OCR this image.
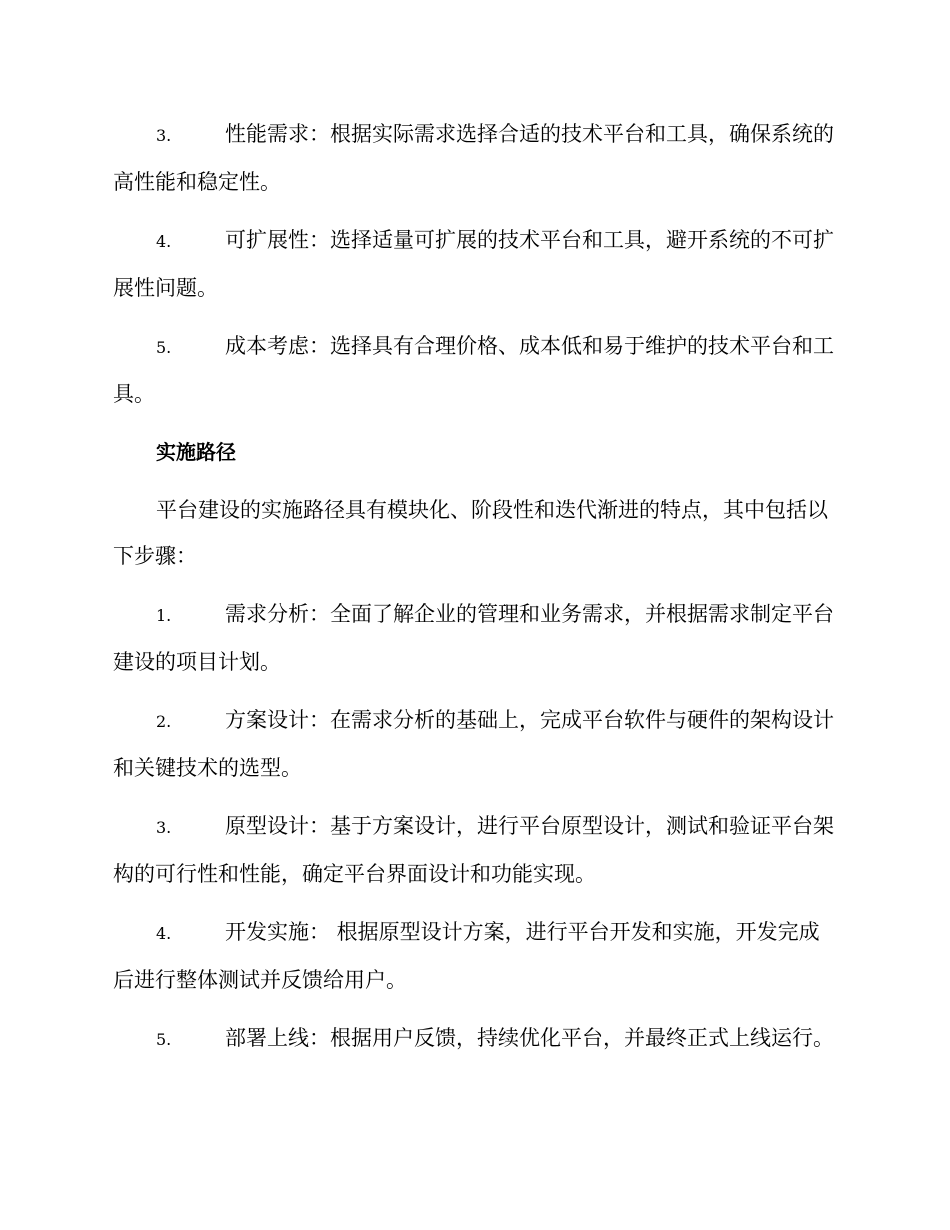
3.	性能需求：根据实际需求选择合适的技术平台和工具，确保系统的高性能和稳定性。
4.	可扩展性：选择适量可扩展的技术平台和工具，避开系统的不可扩展性问题。
5.	成本考虑：选择具有合理价格、成本低和易于维护的技术平台和工具。
实施路径
平台建设的实施路径具有模块化、阶段性和迭代渐进的特点，其中包括以下步骤：
1.	需求分析：全面了解企业的管理和业务需求，并根据需求制定平台建设的项目计划。
2.	方案设计：在需求分析的基础上，完成平台软件与硬件的架构设计和关键技术的选型。
3.	原型设计：基于方案设计，进行平台原型设计，测试和验证平台架构的可行性和性能，确定平台界面设计和功能实现。
4.	开发实施： 根据原型设计方案，进行平台开发和实施，开发完成后进行整体测试并反馈给用户。
5.	部署上线：根据用户反馈，持续优化平台，并最终正式上线运行。
